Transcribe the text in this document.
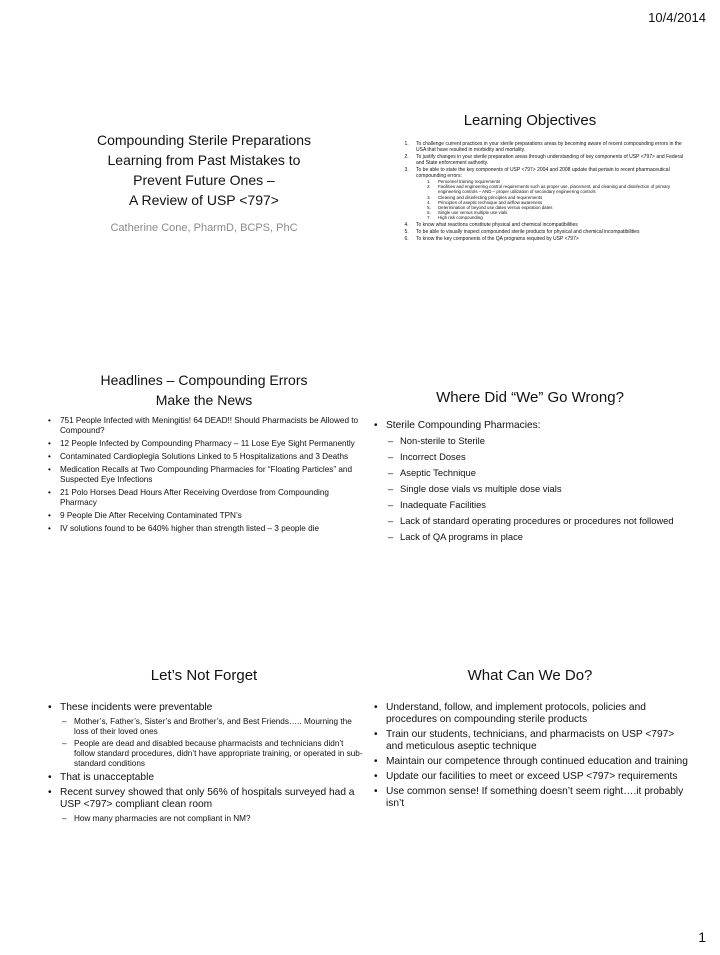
10/4/2014
Compounding Sterile Preparations
Learning from Past Mistakes to
Prevent Future Ones –
A Review of USP <797>
Catherine Cone, PharmD, BCPS, PhC
Learning Objectives
1. To challenge current practices in your sterile preparations areas by becoming aware of recent compounding errors in the USA that have resulted in morbidity and mortality.
2. To justify changes in your sterile preparation areas through understanding of key components of USP <797> and Federal and State enforcement authority.
3. To be able to state the key components of USP <797> 2004 and 2008 update that pertain to recent pharmaceutical compounding errors:
1. Personnel training requirements
2. Facilities and engineering control requirements such as proper use, placement, and cleaning and disinfection of primary engineering controls – AND – proper utilization of secondary engineering controls
3. Cleaning and disinfecting principles and requirements
4. Principles of aseptic technique and airflow awareness
5. Determination of beyond use dates versus expiration dates
6. Single use versus multiple use vials
7. High risk compounding
4. To know what reactions constitute physical and chemical incompatibilities
5. To be able to visually inspect compounded sterile products for physical and chemical incompatibilities
6. To know the key components of the QA programs required by USP <797>
Headlines – Compounding Errors
Make the News
• 751 People Infected with Meningitis! 64 DEAD!! Should Pharmacists be Allowed to Compound?
• 12 People Infected by Compounding Pharmacy – 11 Lose Eye Sight Permanently
• Contaminated Cardioplegia Solutions Linked to 5 Hospitalizations and 3 Deaths
• Medication Recalls at Two Compounding Pharmacies for “Floating Particles” and Suspected Eye Infections
• 21 Polo Horses Dead Hours After Receiving Overdose from Compounding Pharmacy
• 9 People Die After Receiving Contaminated TPN’s
• IV solutions found to be 640% higher than strength listed – 3 people die
Where Did “We” Go Wrong?
• Sterile Compounding Pharmacies:
– Non-sterile to Sterile
– Incorrect Doses
– Aseptic Technique
– Single dose vials vs multiple dose vials
– Inadequate Facilities
– Lack of standard operating procedures or procedures not followed
– Lack of QA programs in place
Let’s Not Forget
• These incidents were preventable
– Mother’s, Father’s, Sister’s and Brother’s, and Best Friends….. Mourning the loss of their loved ones
– People are dead and disabled because pharmacists and technicians didn’t follow standard procedures, didn’t have appropriate training, or operated in sub-standard conditions
• That is unacceptable
• Recent survey showed that only 56% of hospitals surveyed had a USP <797> compliant clean room
– How many pharmacies are not compliant in NM?
What Can We Do?
• Understand, follow, and implement protocols, policies and procedures on compounding sterile products
• Train our students, technicians, and pharmacists on USP <797> and meticulous aseptic technique
• Maintain our competence through continued education and training
• Update our facilities to meet or exceed USP <797> requirements
• Use common sense! If something doesn’t seem right….it probably isn’t
1
